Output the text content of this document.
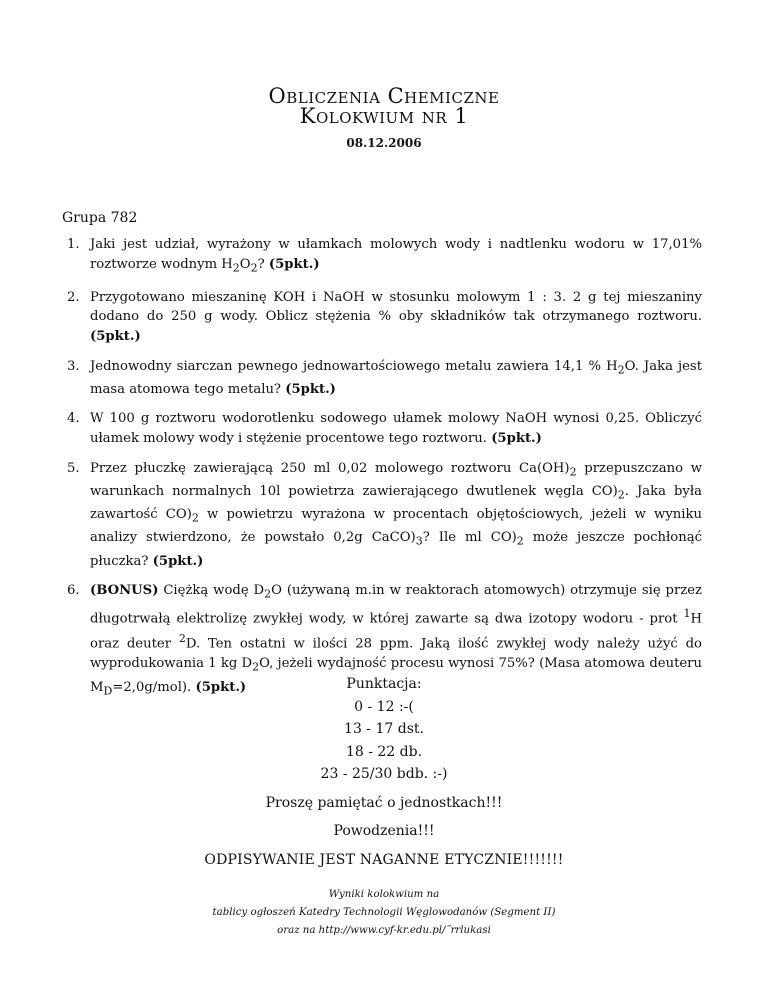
Obliczenia Chemiczne
Kolokwium nr 1
08.12.2006
Grupa 782
1. Jaki jest udział, wyrażony w ułamkach molowych wody i nadtlenku wodoru w 17,01% roztworze wodnym $H_2O_2$? (5pkt.)
2. Przygotowano mieszaninę KOH i NaOH w stosunku molowym 1 : 3. 2 g tej mieszaniny dodano do 250 g wody. Oblicz stężenia % oby składników tak otrzymanego roztworu. (5pkt.)
3. Jednowodny siarczan pewnego jednowartościowego metalu zawiera 14,1 % $H_2O$. Jaka jest masa atomowa tego metalu? (5pkt.)
4. W 100 g roztworu wodorotlenku sodowego ułamek molowy NaOH wynosi 0,25. Obliczyć ułamek molowy wody i stężenie procentowe tego roztworu. (5pkt.)
5. Przez płuczkę zawierającą 250 ml 0,02 molowego roztworu $Ca(OH)_2$ przepuszczano w warunkach normalnych 10l powietrza zawierającego dwutlenek węgla $CO)_2$. Jaka była zawartość $CO)_2$ w powietrzu wyrażona w procentach objętościowych, jeżeli w wyniku analizy stwierdzono, że powstało 0,2g $CaCO)_3$? Ile ml $CO)_2$ może jeszcze pochłonąć płuczka? (5pkt.)
6. (BONUS) Ciężką wodę $D_2O$ (używaną m.in w reaktorach atomowych) otrzymuje się przez długotrwałą elektrolizę zwykłej wody, w której zawarte są dwa izotopy wodoru - prot $^1$H oraz deuter $^2$D. Ten ostatni w ilości 28 ppm. Jaką ilość zwykłej wody należy użyć do wyprodukowania 1 kg $D_2O$, jeżeli wydajność procesu wynosi 75%? (Masa atomowa deuteru $M_D=2,0g/mol$). (5pkt.)	Punktacja:
0 - 12 :-(
13 - 17 dst.
18 - 22 db.
23 - 25/30 bdb. :-)
Proszę pamiętać o jednostkach!!!
Powodzenia!!!
ODPISYWANIE JEST NAGANNE ETYCZNIE!!!!!!!
Wyniki kolokwium na
tablicy ogłoszeń Katedry Technologii Węglowodanów (Segment II)
oraz na http://www.cyf-kr.edu.pl/˜rrlukasi
